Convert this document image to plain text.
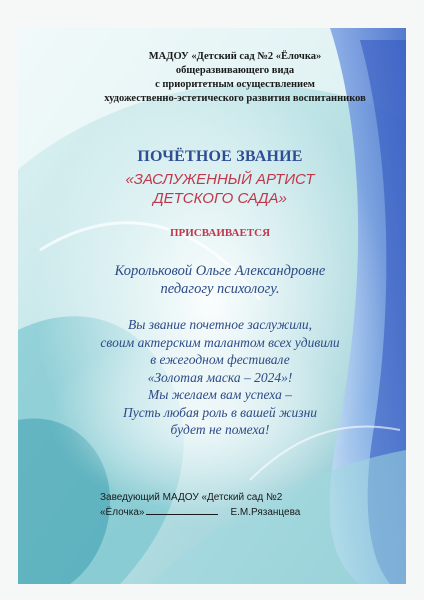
МАДОУ «Детский сад №2 «Ёлочка»
общеразвивающего вида
с приоритетным осуществлением
художественно-эстетического развития воспитанников
ПОЧЁТНОЕ ЗВАНИЕ
«ЗАСЛУЖЕННЫЙ АРТИСТ
ДЕТСКОГО САДА»
ПРИСВАИВАЕТСЯ
Корольковой Ольге Александровне
педагогу психологу.
Вы звание почетное заслужили,
своим актерским талантом всех удивили
в ежегодном фестивале
«Золотая маска – 2024»!
Мы желаем вам успеха –
Пусть любая роль в вашей жизни
будет не помеха!
Заведующий МАДОУ «Детский сад №2
«Ёлочка»	Е.М.Рязанцева
